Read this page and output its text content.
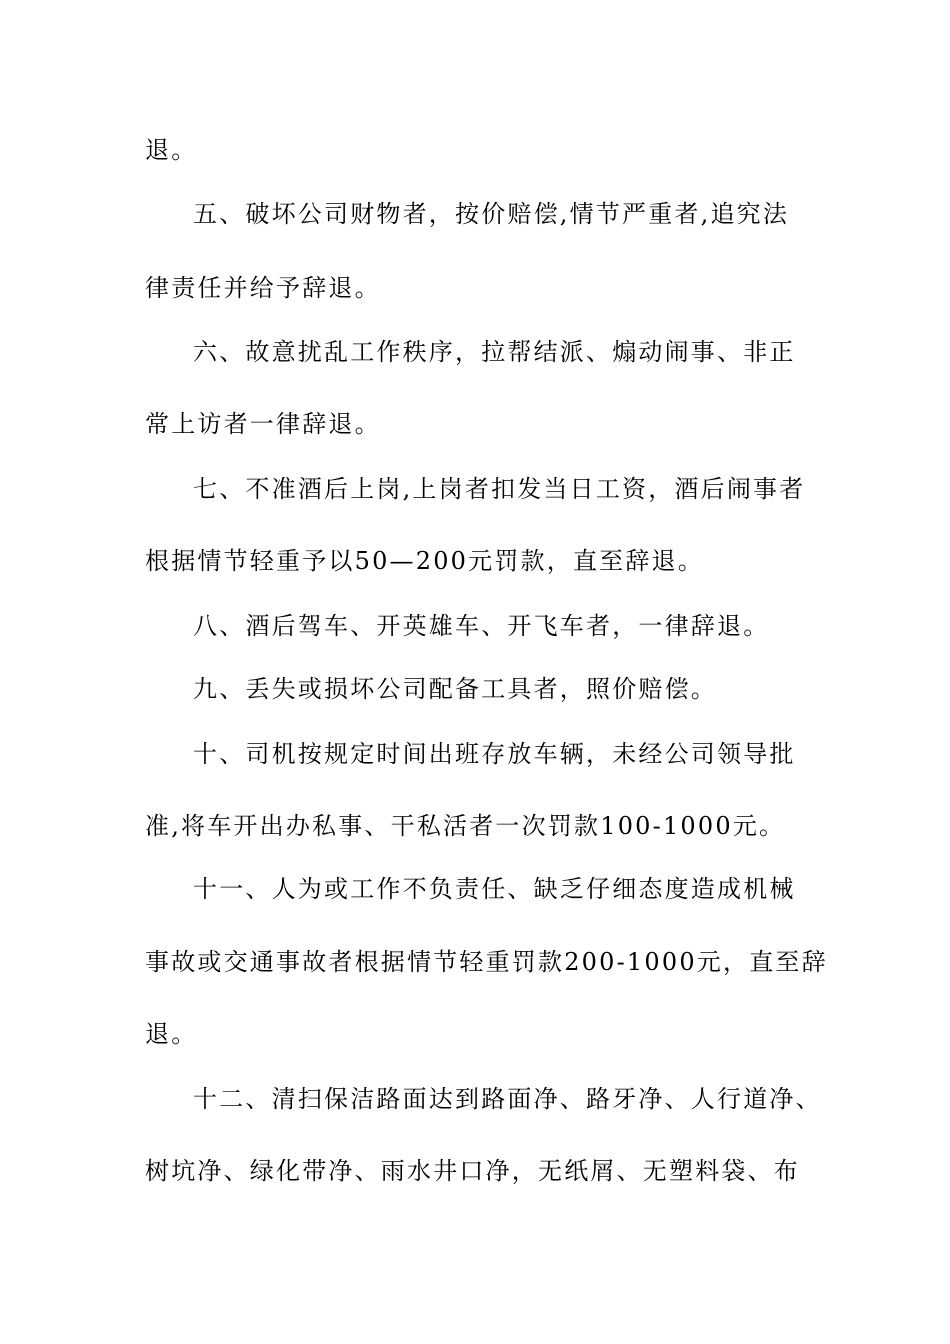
退。
五、破坏公司财物者，按价赔偿,情节严重者,追究法
律责任并给予辞退。
六、故意扰乱工作秩序，拉帮结派、煽动闹事、非正
常上访者一律辞退。
七、不准酒后上岗,上岗者扣发当日工资，酒后闹事者
根据情节轻重予以50—200元罚款，直至辞退。
八、酒后驾车、开英雄车、开飞车者，一律辞退。
九、丢失或损坏公司配备工具者，照价赔偿。
十、司机按规定时间出班存放车辆，未经公司领导批
准,将车开出办私事、干私活者一次罚款100-1000元。
十一、人为或工作不负责任、缺乏仔细态度造成机械
事故或交通事故者根据情节轻重罚款200-1000元，直至辞
退。
十二、清扫保洁路面达到路面净、路牙净、人行道净、
树坑净、绿化带净、雨水井口净，无纸屑、无塑料袋、布
